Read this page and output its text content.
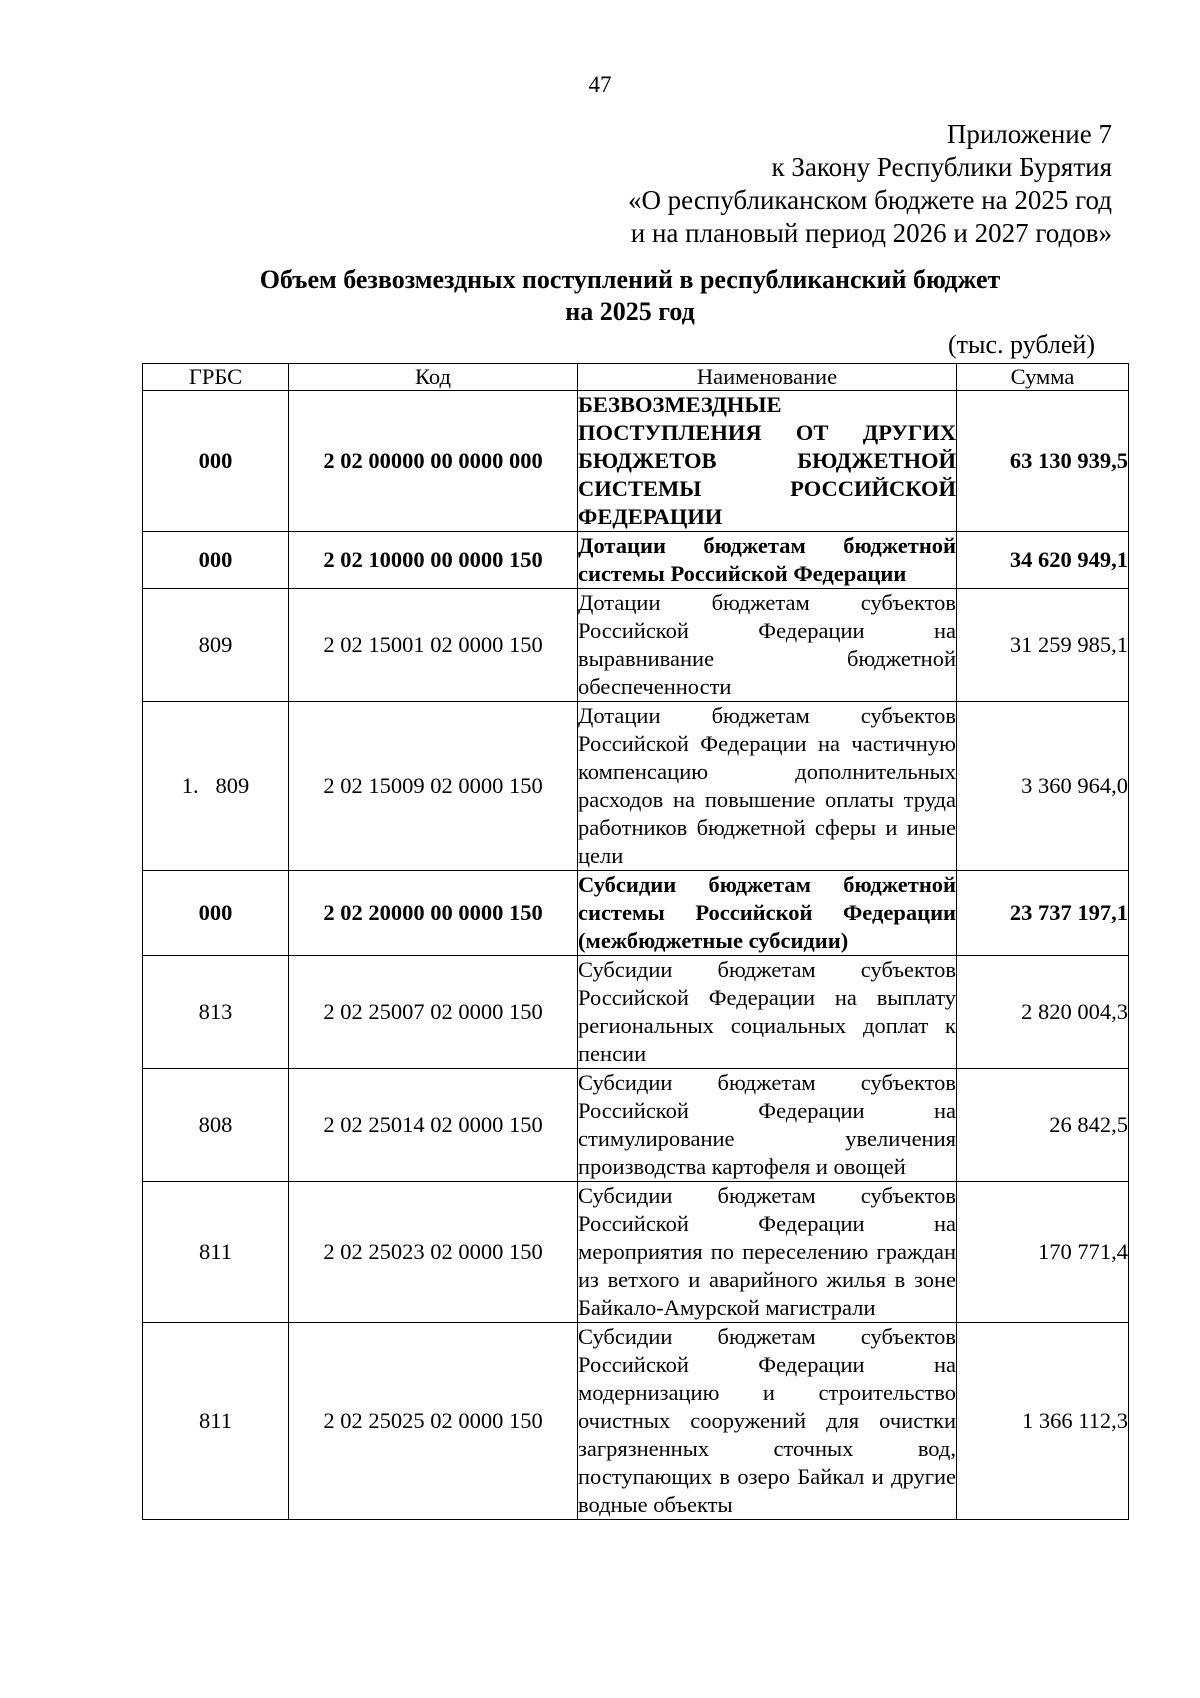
47
Приложение 7
к Закону Республики Бурятия
«О республиканском бюджете на 2025 год
и на плановый период 2026 и 2027 годов»
Объем безвозмездных поступлений в республиканский бюджет
на 2025 год
(тыс. рублей)
ГРБС	Код	Наименование	Сумма
000	2 02 00000 00 0000 000	БЕЗВОЗМЕЗДНЫЕ ПОСТУПЛЕНИЯ ОТ ДРУГИХ БЮДЖЕТОВ БЮДЖЕТНОЙ СИСТЕМЫ РОССИЙСКОЙ ФЕДЕРАЦИИ	63 130 939,5
000	2 02 10000 00 0000 150	Дотации бюджетам бюджетной системы Российской Федерации	34 620 949,1
809	2 02 15001 02 0000 150	Дотации бюджетам субъектов Российской Федерации на выравнивание бюджетной обеспеченности	31 259 985,1
1.   809	2 02 15009 02 0000 150	Дотации бюджетам субъектов Российской Федерации на частичную компенсацию дополнительных расходов на повышение оплаты труда работников бюджетной сферы и иные цели	3 360 964,0
000	2 02 20000 00 0000 150	Субсидии бюджетам бюджетной системы Российской Федерации (межбюджетные субсидии)	23 737 197,1
813	2 02 25007 02 0000 150	Субсидии бюджетам субъектов Российской Федерации на выплату региональных социальных доплат к пенсии	2 820 004,3
808	2 02 25014 02 0000 150	Субсидии бюджетам субъектов Российской Федерации на стимулирование увеличения производства картофеля и овощей	26 842,5
811	2 02 25023 02 0000 150	Субсидии бюджетам субъектов Российской Федерации на мероприятия по переселению граждан из ветхого и аварийного жилья в зоне Байкало-Амурской магистрали	170 771,4
811	2 02 25025 02 0000 150	Субсидии бюджетам субъектов Российской Федерации на модернизацию и строительство очистных сооружений для очистки загрязненных сточных вод, поступающих в озеро Байкал и другие водные объекты	1 366 112,3
